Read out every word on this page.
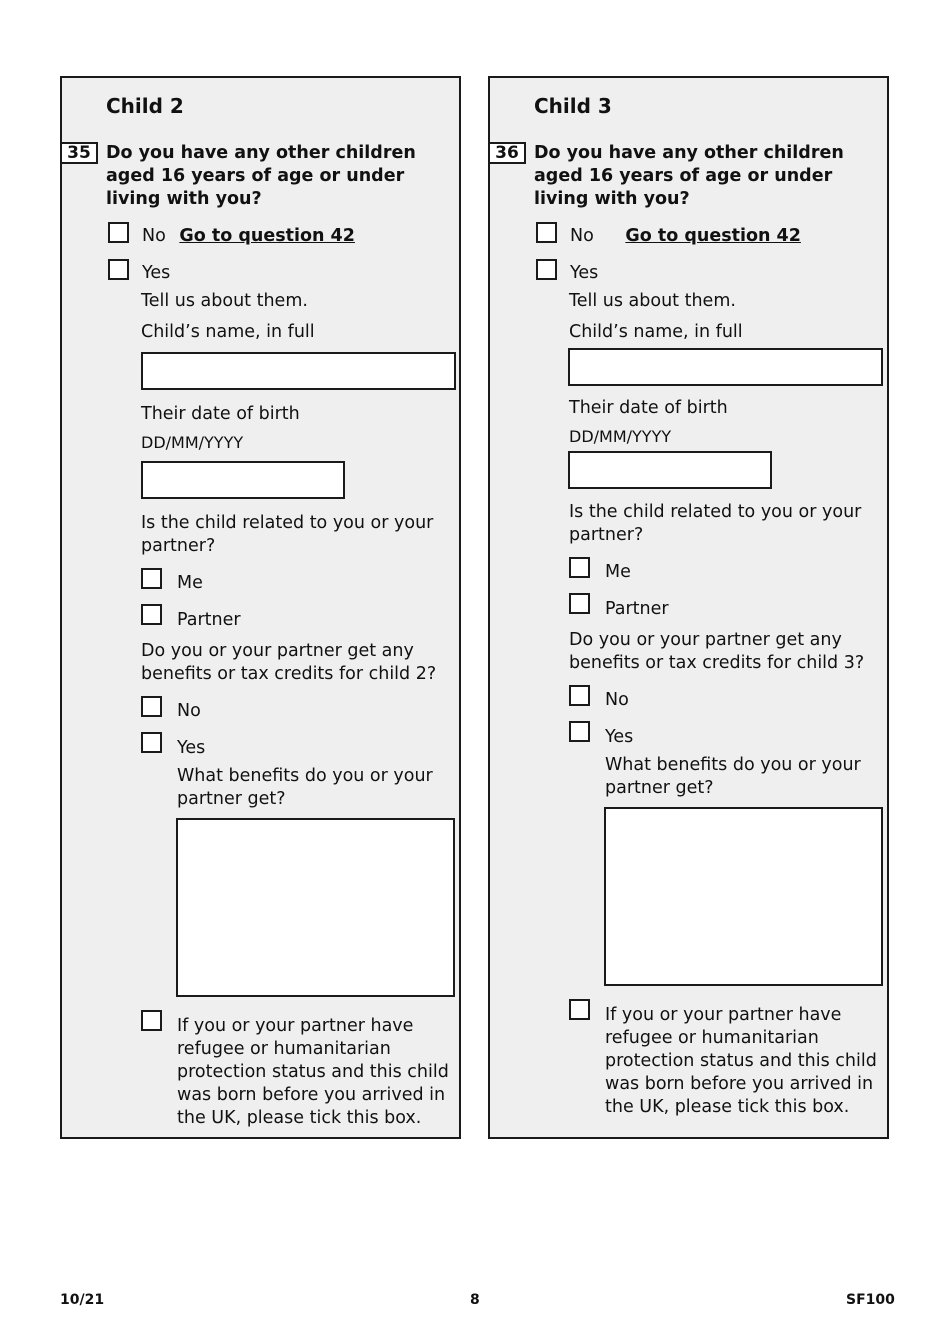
Child 2
35 Do you have any other children aged 16 years of age or under living with you?
No Go to question 42
Yes
Tell us about them.
Child’s name, in full
Their date of birth
DD/MM/YYYY
Is the child related to you or your partner?
Me
Partner
Do you or your partner get any benefits or tax credits for child 2?
No
Yes
What benefits do you or your partner get?
If you or your partner have refugee or humanitarian protection status and this child was born before you arrived in the UK, please tick this box.
Child 3
36 Do you have any other children aged 16 years of age or under living with you?
No Go to question 42
Yes
Tell us about them.
Child’s name, in full
Their date of birth
DD/MM/YYYY
Is the child related to you or your partner?
Me
Partner
Do you or your partner get any benefits or tax credits for child 3?
No
Yes
What benefits do you or your partner get?
If you or your partner have refugee or humanitarian protection status and this child was born before you arrived in the UK, please tick this box.
10/21	8	SF100
